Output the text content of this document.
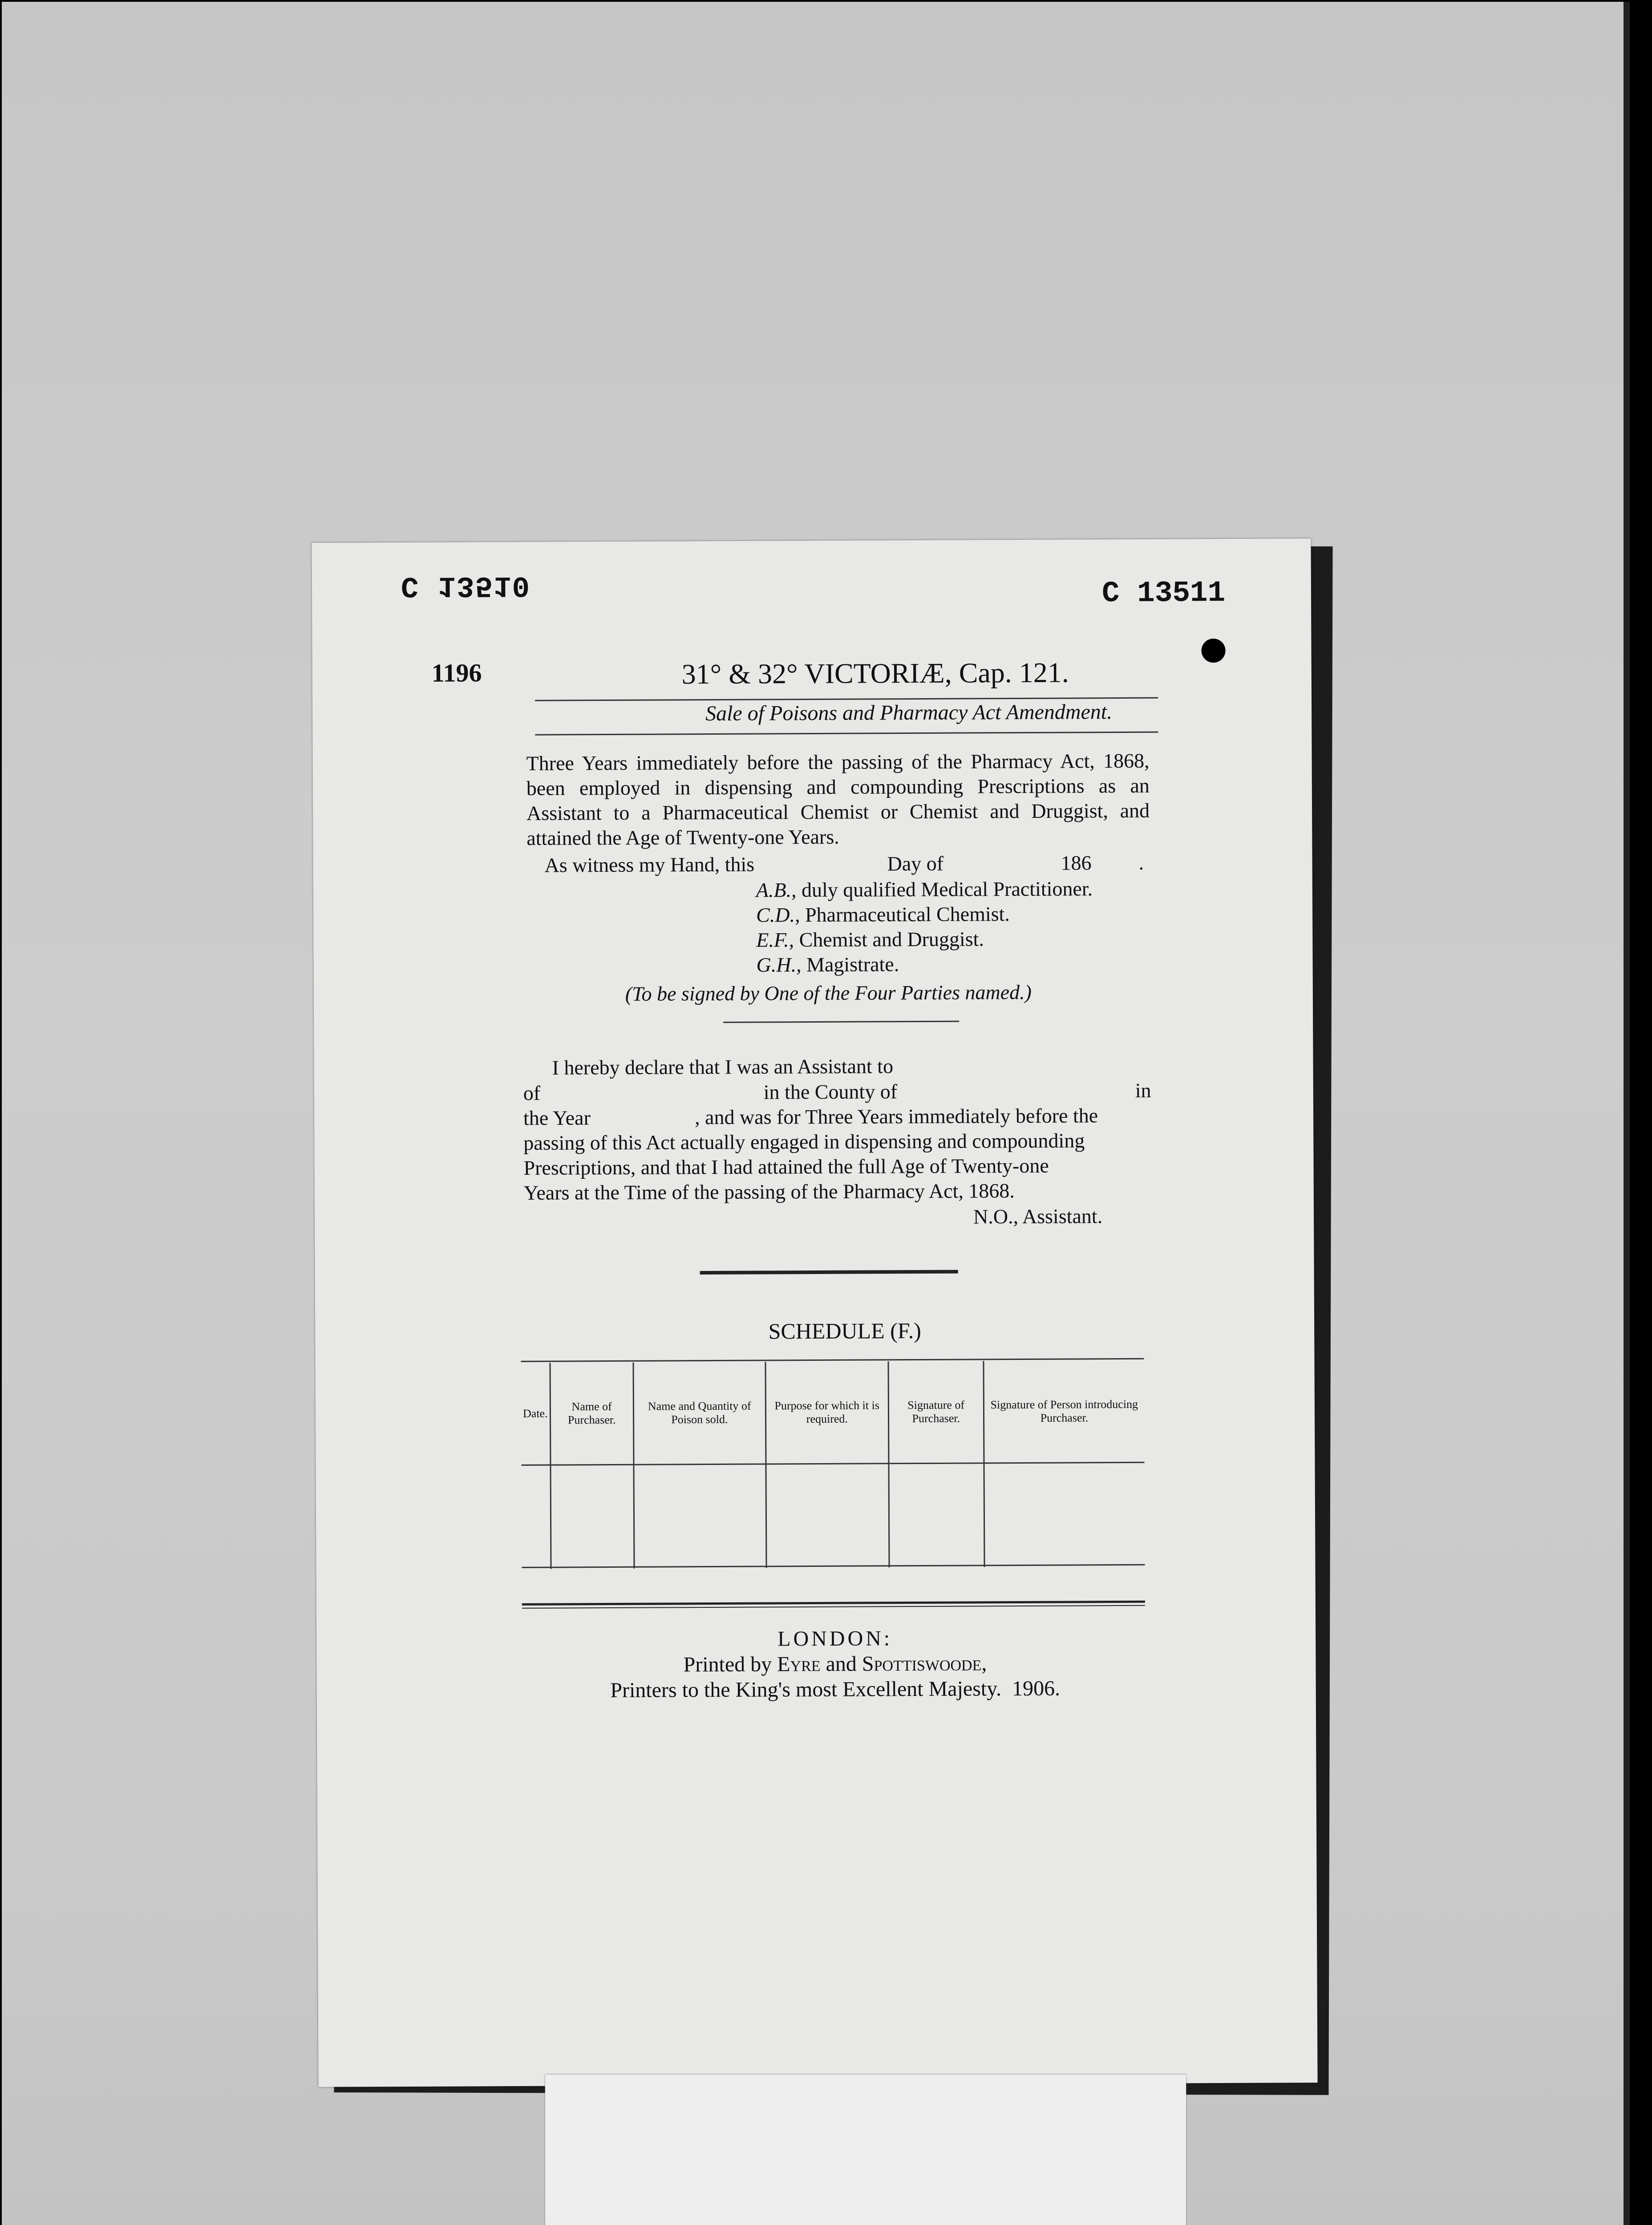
C 13510	C 13511
1196	31° & 32° VICTORIÆ, Cap. 121.
Sale of Poisons and Pharmacy Act Amendment.
Three Years immediately before the passing of the Pharmacy Act, 1868, been employed in dispensing and compounding Prescriptions as an Assistant to a Pharmaceutical Chemist or Chemist and Druggist, and attained the Age of Twenty-one Years.
As witness my Hand, this	Day of	186 .
A.B., duly qualified Medical Practitioner.
C.D., Pharmaceutical Chemist.
E.F., Chemist and Druggist.
G.H., Magistrate.
(To be signed by One of the Four Parties named.)
I hereby declare that I was an Assistant to
of	in the County of	in
the Year	, and was for Three Years immediately before the
passing of this Act actually engaged in dispensing and compounding
Prescriptions, and that I had attained the full Age of Twenty-one
Years at the Time of the passing of the Pharmacy Act, 1868.
N.O., Assistant.
SCHEDULE (F.)
Date.	Name of Purchaser.	Name and Quantity of Poison sold.	Purpose for which it is required.	Signature of Purchaser.	Signature of Person introducing Purchaser.

LONDON:
Printed by Eyre and Spottiswoode,
Printers to the King's most Excellent Majesty. 1906.
